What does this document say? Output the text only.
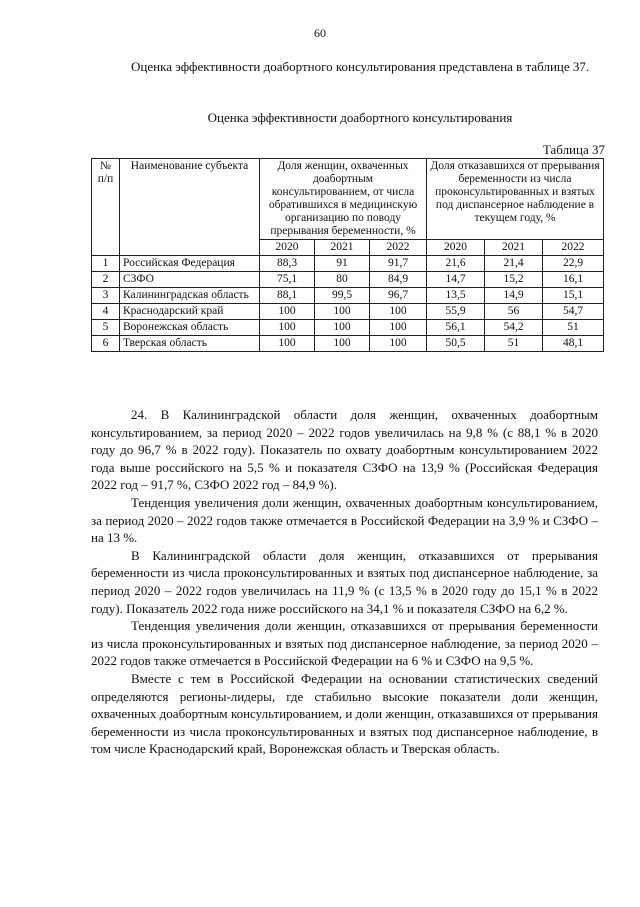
60

Оценка эффективности доабортного консультирования представлена в таблице 37.

Оценка эффективности доабортного консультирования
Таблица 37
№ п/п	Наименование субъекта	Доля женщин, охваченных доабортным консультированием, от числа обратившихся в медицинскую организацию по поводу прерывания беременности, %			Доля отказавшихся от прерывания беременности из числа проконсультированных и взятых под диспансерное наблюдение в текущем году, %		
		2020	2021	2022	2020	2021	2022
1	Российская Федерация	88,3	91	91,7	21,6	21,4	22,9
2	СЗФО	75,1	80	84,9	14,7	15,2	16,1
3	Калининградская область	88,1	99,5	96,7	13,5	14,9	15,1
4	Краснодарский край	100	100	100	55,9	56	54,7
5	Воронежская область	100	100	100	56,1	54,2	51
6	Тверская область	100	100	100	50,5	51	48,1

24. В Калининградской области доля женщин, охваченных доабортным консультированием, за период 2020 – 2022 годов увеличилась на 9,8 % (с 88,1 % в 2020 году до 96,7 % в 2022 году). Показатель по охвату доабортным консультированием 2022 года выше российского на 5,5 % и показателя СЗФО на 13,9 % (Российская Федерация 2022 год – 91,7 %, СЗФО 2022 год – 84,9 %).

Тенденция увеличения доли женщин, охваченных доабортным консультированием, за период 2020 – 2022 годов также отмечается в Российской Федерации на 3,9 % и СЗФО – на 13 %.

В Калининградской области доля женщин, отказавшихся от прерывания беременности из числа проконсультированных и взятых под диспансерное наблюдение, за период 2020 – 2022 годов увеличилась на 11,9 % (с 13,5 % в 2020 году до 15,1 % в 2022 году). Показатель 2022 года ниже российского на 34,1 % и показателя СЗФО на 6,2 %.

Тенденция увеличения доли женщин, отказавшихся от прерывания беременности из числа проконсультированных и взятых под диспансерное наблюдение, за период 2020 – 2022 годов также отмечается в Российской Федерации на 6 % и СЗФО на 9,5 %.

Вместе с тем в Российской Федерации на основании статистических сведений определяются регионы-лидеры, где стабильно высокие показатели доли женщин, охваченных доабортным консультированием, и доли женщин, отказавшихся от прерывания беременности из числа проконсультированных и взятых под диспансерное наблюдение, в том числе Краснодарский край, Воронежская область и Тверская область.
